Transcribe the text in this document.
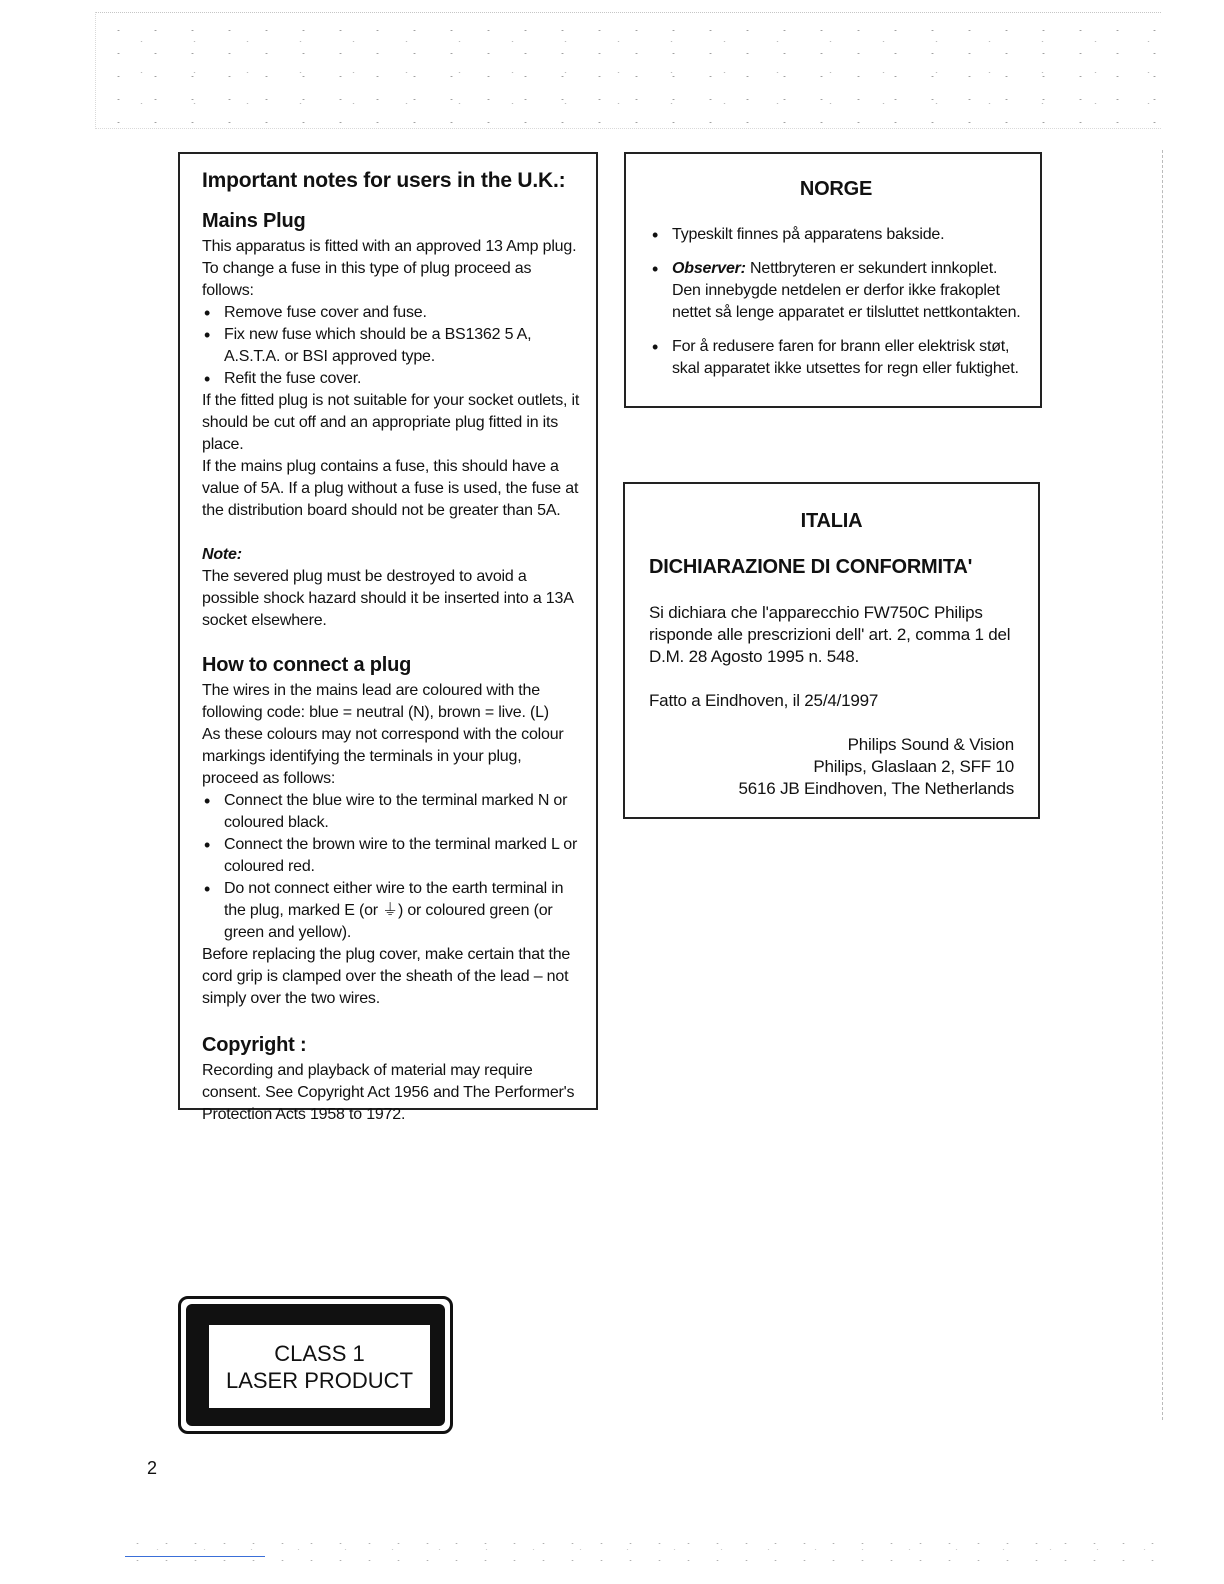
Important notes for users in the U.K.:
Mains Plug

This apparatus is fitted with an approved 13 Amp plug.

To change a fuse in this type of plug proceed as follows:

• Remove fuse cover and fuse.
• Fix new fuse which should be a BS1362 5 A, A.S.T.A. or BSI approved type.
• Refit the fuse cover.

If the fitted plug is not suitable for your socket outlets, it should be cut off and an appropriate plug fitted in its place.

If the mains plug contains a fuse, this should have a value of 5A. If a plug without a fuse is used, the fuse at the distribution board should not be greater than 5A.

Note:

The severed plug must be destroyed to avoid a possible shock hazard should it be inserted into a 13A socket elsewhere.

How to connect a plug

The wires in the mains lead are coloured with the following code: blue = neutral (N), brown = live. (L)

As these colours may not correspond with the colour markings identifying the terminals in your plug, proceed as follows:

• Connect the blue wire to the terminal marked N or coloured black.
• Connect the brown wire to the terminal marked L or coloured red.
• Do not connect either wire to the earth terminal in the plug, marked E (or ⏚) or coloured green (or green and yellow).

Before replacing the plug cover, make certain that the cord grip is clamped over the sheath of the lead – not simply over the two wires.

Copyright :

Recording and playback of material may require consent. See Copyright Act 1956 and The Performer's Protection Acts 1958 to 1972.

NORGE
• Typeskilt finnes på apparatens bakside.
• Observer: Nettbryteren er sekundert innkoplet. Den innebygde netdelen er derfor ikke frakoplet nettet så lenge apparatet er tilsluttet nettkontakten.
• For å redusere faren for brann eller elektrisk støt, skal apparatet ikke utsettes for regn eller fuktighet.
ITALIA
DICHIARAZIONE DI CONFORMITA'

Si dichiara che l'apparecchio FW750C Philips risponde alle prescrizioni dell' art. 2, comma 1 del D.M. 28 Agosto 1995 n. 548.

Fatto a Eindhoven, il 25/4/1997

Philips Sound & Vision
Philips, Glaslaan 2, SFF 10
5616 JB Eindhoven, The Netherlands
CLASS 1
LASER PRODUCT
2
